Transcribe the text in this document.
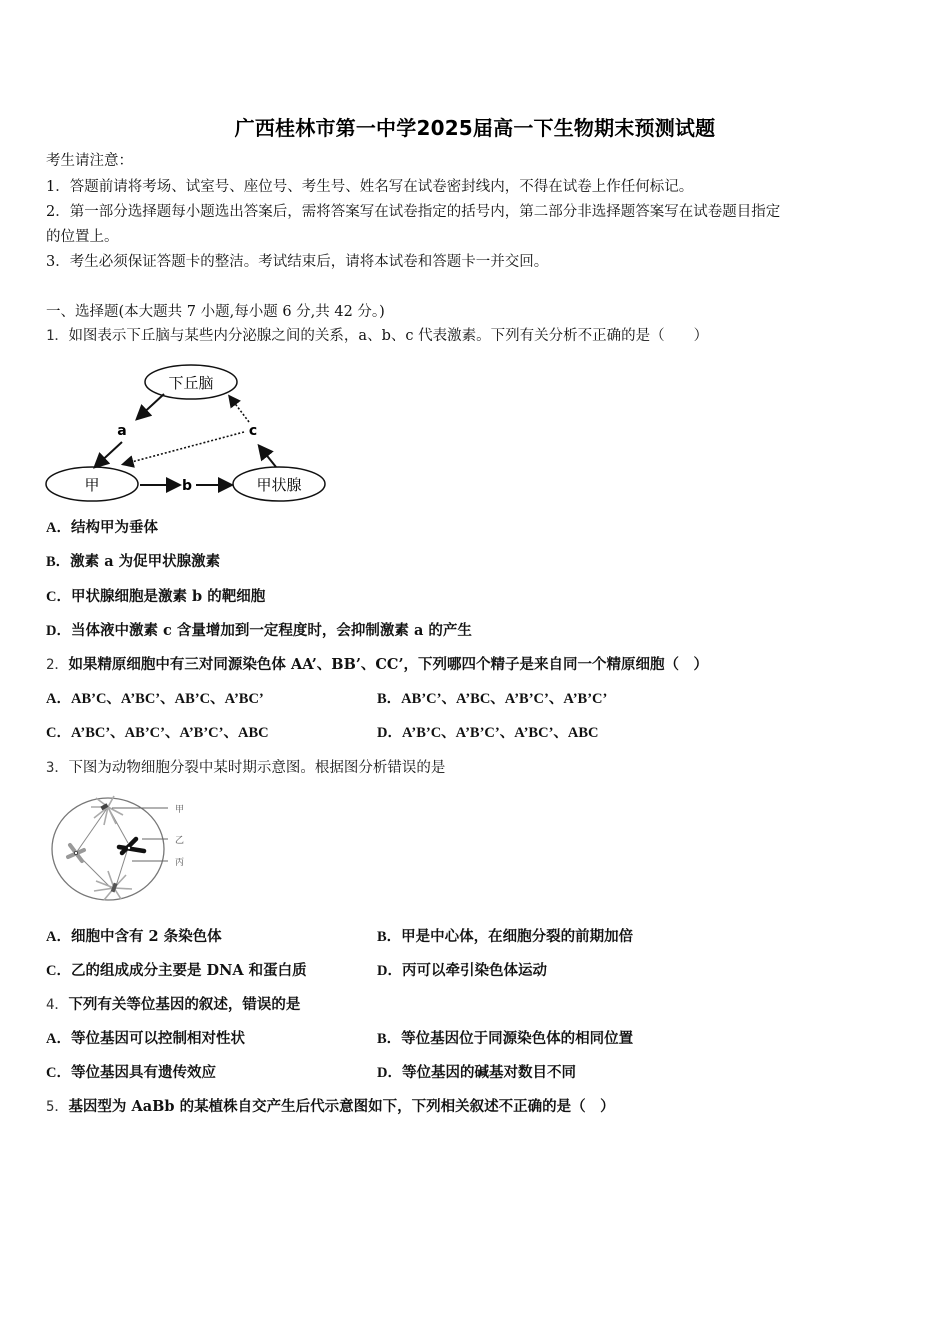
广西桂林市第一中学2025届高一下生物期末预测试题
考生请注意：
1．答题前请将考场、试室号、座位号、考生号、姓名写在试卷密封线内，不得在试卷上作任何标记。
2．第一部分选择题每小题选出答案后，需将答案写在试卷指定的括号内，第二部分非选择题答案写在试卷题目指定
的位置上。
3．考生必须保证答题卡的整洁。考试结束后，请将本试卷和答题卡一并交回。
一、选择题(本大题共 7 小题,每小题 6 分,共 42 分。)
1．如图表示下丘脑与某些内分泌腺之间的关系，a、b、c 代表激素。下列有关分析不正确的是（　　）
下丘脑
甲	甲状腺
a
b
c
A．结构甲为垂体
B．激素 a 为促甲状腺激素
C．甲状腺细胞是激素 b 的靶细胞
D．当体液中激素 c 含量增加到一定程度时，会抑制激素 a 的产生
2．如果精原细胞中有三对同源染色体 AA’、BB’、CC’，下列哪四个精子是来自同一个精原细胞（　）
A．AB’C、A’BC’、AB’C、A’BC’	B．AB’C’、A’BC、A’B’C’、A’B’C’
C．A’BC’、AB’C’、A’B’C’、ABC	D．A’B’C、A’B’C’、A’BC’、ABC
3．下图为动物细胞分裂中某时期示意图。根据图分析错误的是
甲
乙
丙
A．细胞中含有 2 条染色体	B．甲是中心体，在细胞分裂的前期加倍
C．乙的组成成分主要是 DNA 和蛋白质	D．丙可以牵引染色体运动
4．下列有关等位基因的叙述，错误的是
A．等位基因可以控制相对性状	B．等位基因位于同源染色体的相同位置
C．等位基因具有遗传效应	D．等位基因的碱基对数目不同
5．基因型为 AaBb 的某植株自交产生后代示意图如下，下列相关叙述不正确的是（　）
